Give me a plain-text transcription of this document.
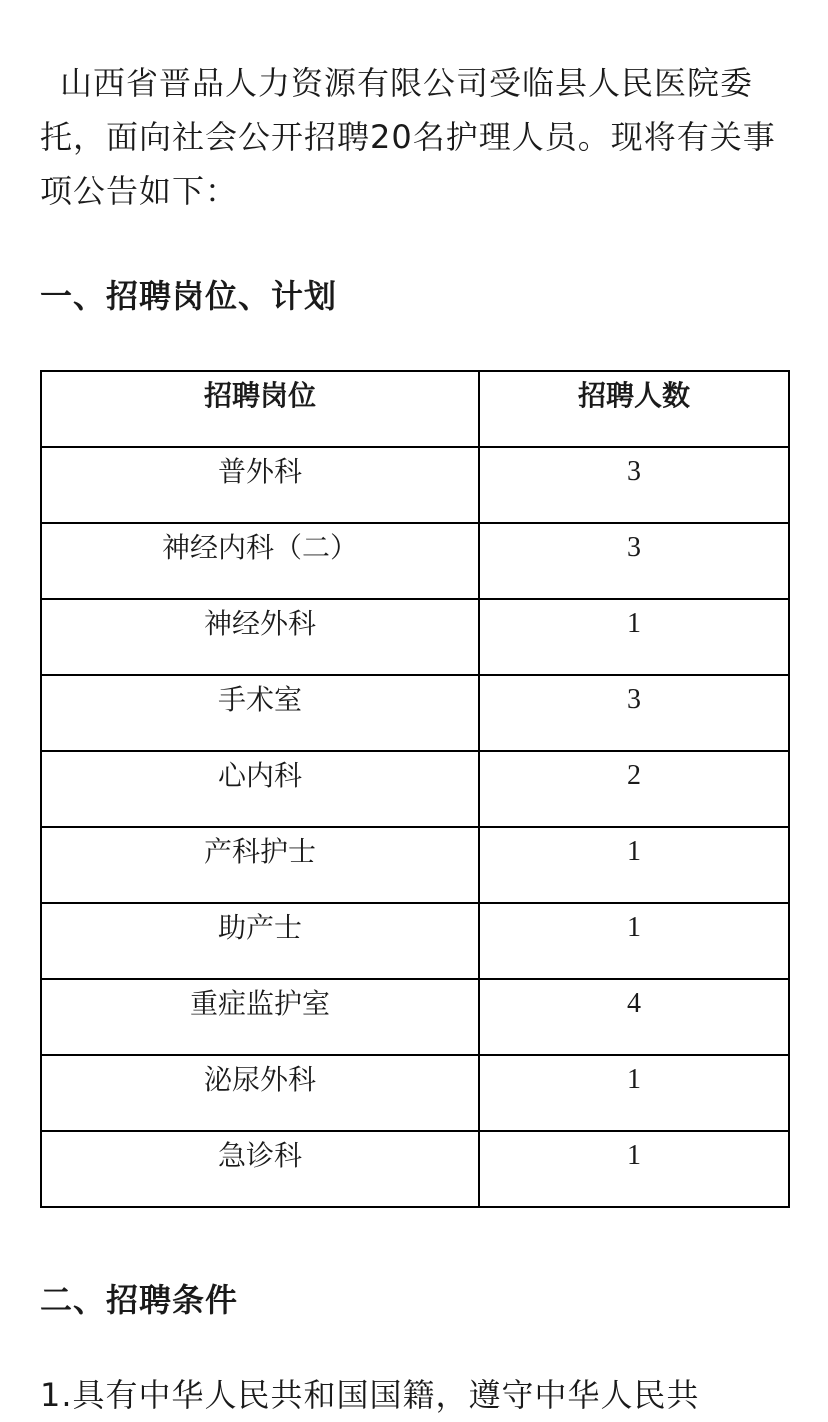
山西省晋品人力资源有限公司受临县人民医院委托，面向社会公开招聘20名护理人员。现将有关事项公告如下：

一、招聘岗位、计划
招聘岗位	招聘人数
普外科	3
神经内科（二）	3
神经外科	1
手术室	3
心内科	2
产科护士	1
助产士	1
重症监护室	4
泌尿外科	1
急诊科	1
二、招聘条件

1.具有中华人民共和国国籍，遵守中华人民共
